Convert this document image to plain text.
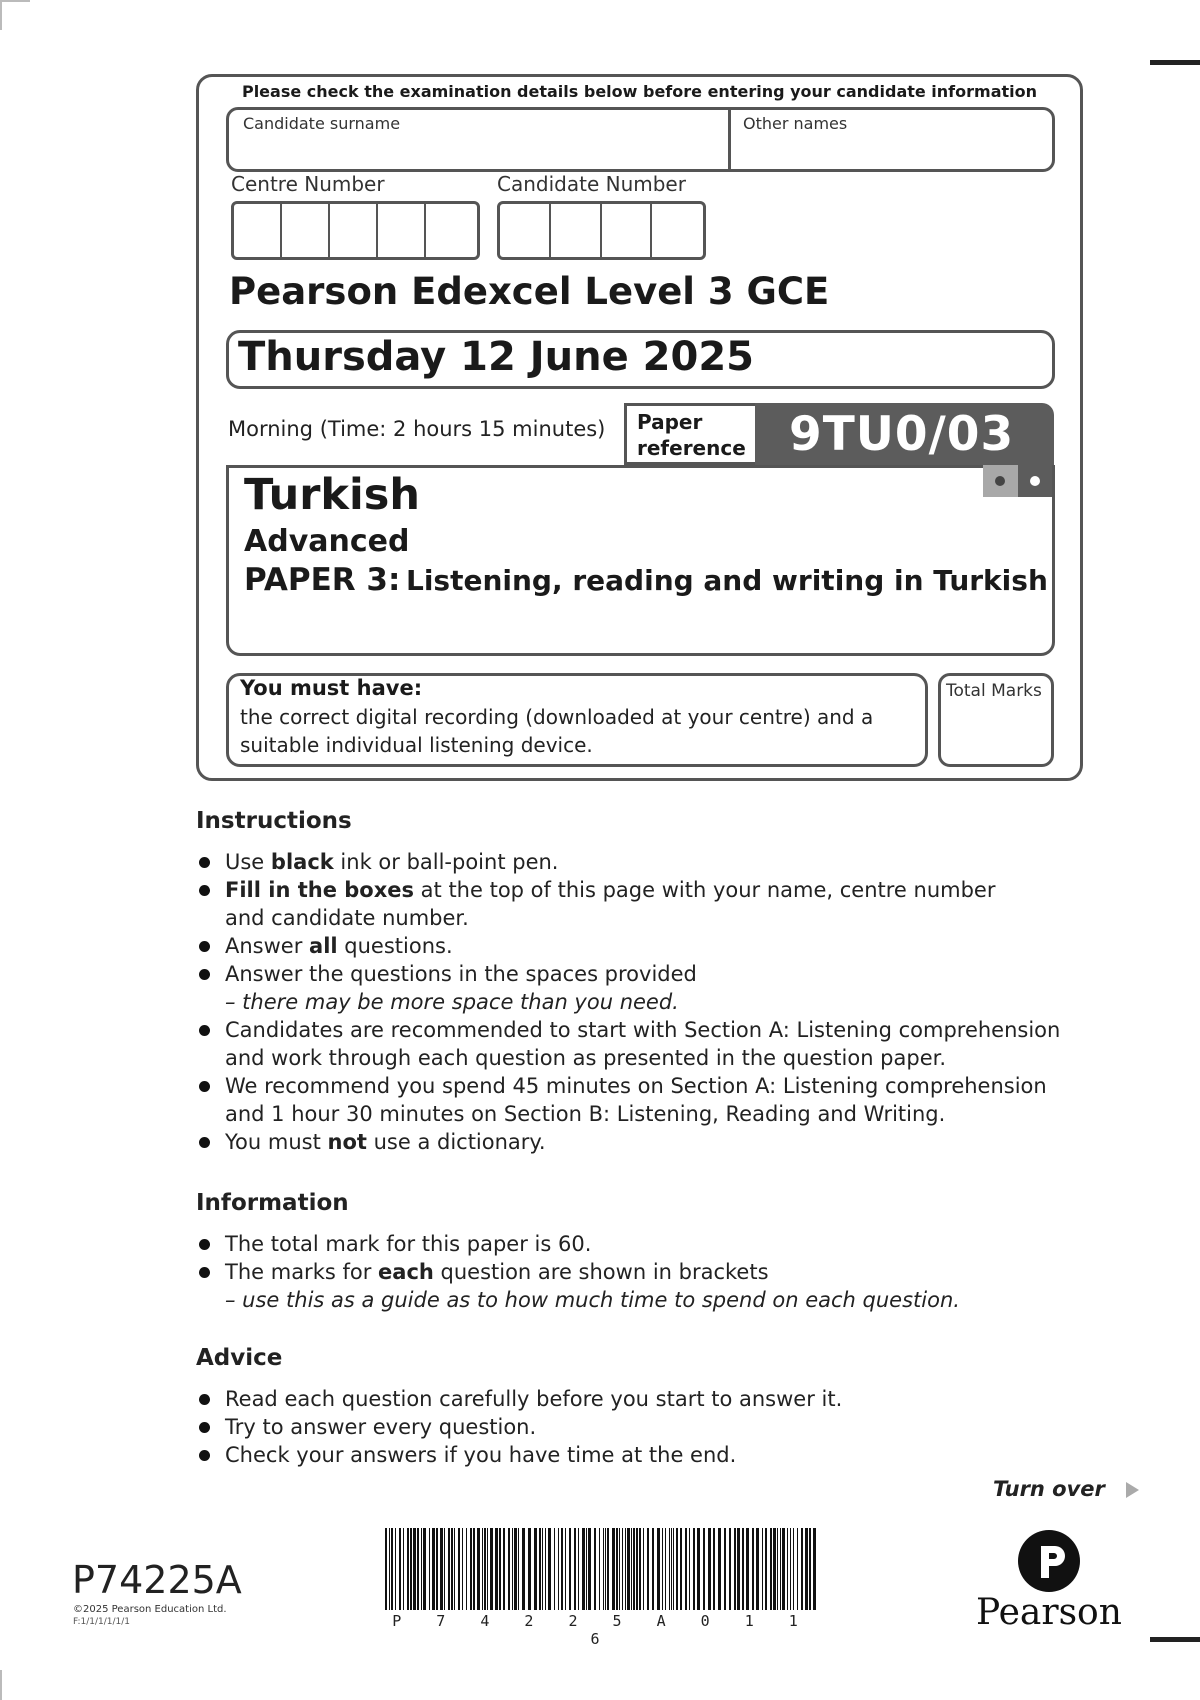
Please check the examination details below before entering your candidate information
Candidate surname	Other names
Centre Number	Candidate Number
Pearson Edexcel Level 3 GCE
Thursday 12 June 2025
Morning (Time: 2 hours 15 minutes) Paper
reference 9TU0/03
Turkish
Advanced
PAPER 3: Listening, reading and writing in Turkish
You must have:
the correct digital recording (downloaded at your centre) and a
suitable individual listening device.
Total Marks
Instructions
Use black ink or ball-point pen.
Fill in the boxes at the top of this page with your name, centre number
and candidate number.
Answer all questions.
Answer the questions in the spaces provided
– there may be more space than you need.
Candidates are recommended to start with Section A: Listening comprehension
and work through each question as presented in the question paper.
We recommend you spend 45 minutes on Section A: Listening comprehension
and 1 hour 30 minutes on Section B: Listening, Reading and Writing.
You must not use a dictionary.
Information
The total mark for this paper is 60.
The marks for each question are shown in brackets
– use this as a guide as to how much time to spend on each question.
Advice
Read each question carefully before you start to answer it.
Try to answer every question.
Check your answers if you have time at the end.
Turn over
P74225A
©2025 Pearson Education Ltd.
F:1/1/1/1/1/1	P 7 4 2 2 5 A 0 1 1 6
Pearson
